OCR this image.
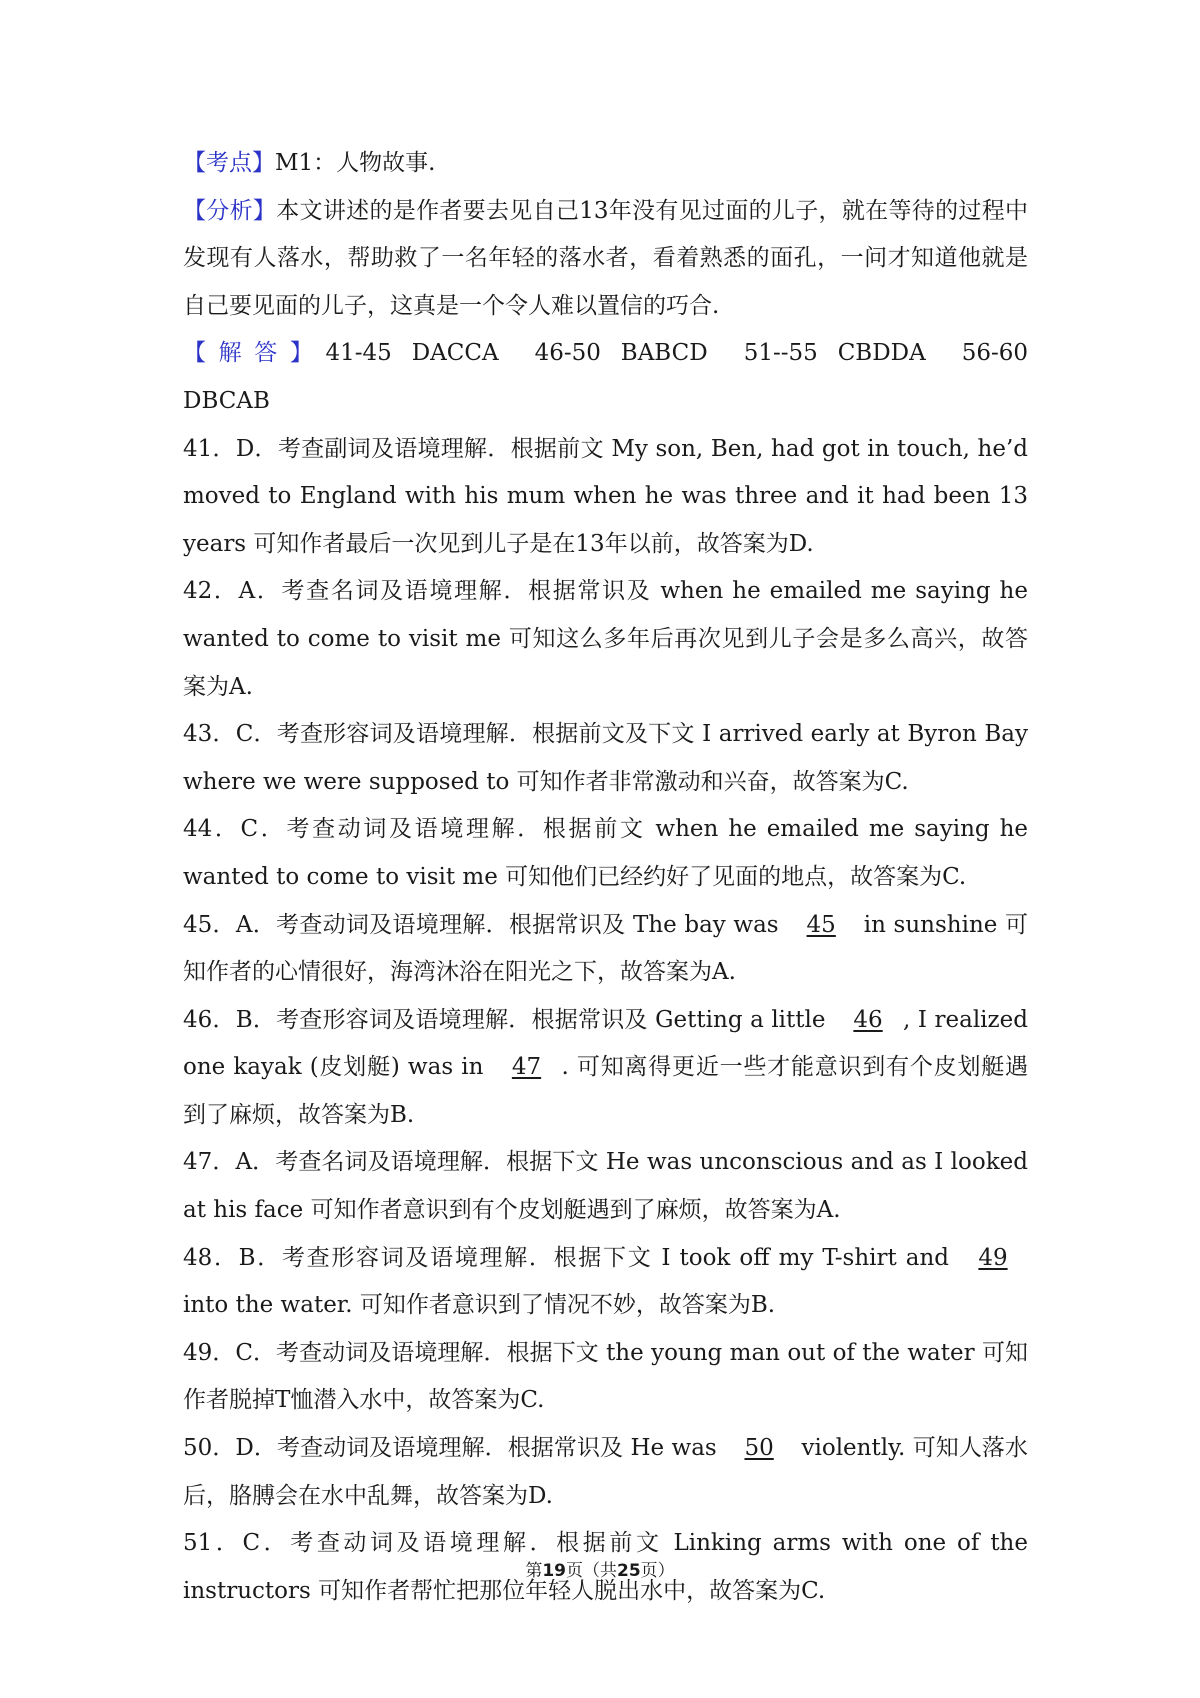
【考点】M1：人物故事.

【分析】本文讲述的是作者要去见自己13年没有见过面的儿子，就在等待的过程中发现有人落水，帮助救了一名年轻的落水者，看着熟悉的面孔，一问才知道他就是自己要见面的儿子，这真是一个令人难以置信的巧合.

【解答】41-45 DACCA 46-50 BABCD 51--55 CBDDA 56-60 DBCAB

41．D．考查副词及语境理解．根据前文 My son, Ben, had got in touch, he’d moved to England with his mum when he was three and it had been 13 years 可知作者最后一次见到儿子是在13年以前，故答案为D.

42．A．考查名词及语境理解．根据常识及 when he emailed me saying he wanted to come to visit me 可知这么多年后再次见到儿子会是多么高兴，故答案为A.

43．C．考查形容词及语境理解．根据前文及下文 I arrived early at Byron Bay where we were supposed to 可知作者非常激动和兴奋，故答案为C.

44．C．考查动词及语境理解．根据前文 when he emailed me saying he wanted to come to visit me 可知他们已经约好了见面的地点，故答案为C.

45．A．考查动词及语境理解．根据常识及 The bay was 45 in sunshine 可知作者的心情很好，海湾沐浴在阳光之下，故答案为A.

46．B．考查形容词及语境理解．根据常识及 Getting a little 46 , I realized one kayak (皮划艇) was in 47 . 可知离得更近一些才能意识到有个皮划艇遇到了麻烦，故答案为B.

47．A．考查名词及语境理解．根据下文 He was unconscious and as I looked at his face 可知作者意识到有个皮划艇遇到了麻烦，故答案为A.

48．B．考查形容词及语境理解．根据下文 I took off my T-shirt and 49 into the water. 可知作者意识到了情况不妙，故答案为B.

49．C．考查动词及语境理解．根据下文 the young man out of the water 可知作者脱掉T恤潜入水中，故答案为C.

50．D．考查动词及语境理解．根据常识及 He was 50 violently. 可知人落水后，胳膊会在水中乱舞，故答案为D.

51．C．考查动词及语境理解．根据前文 Linking arms with one of the instructors 可知作者帮忙把那位年轻人脱出水中，故答案为C.

第19页（共25页）
